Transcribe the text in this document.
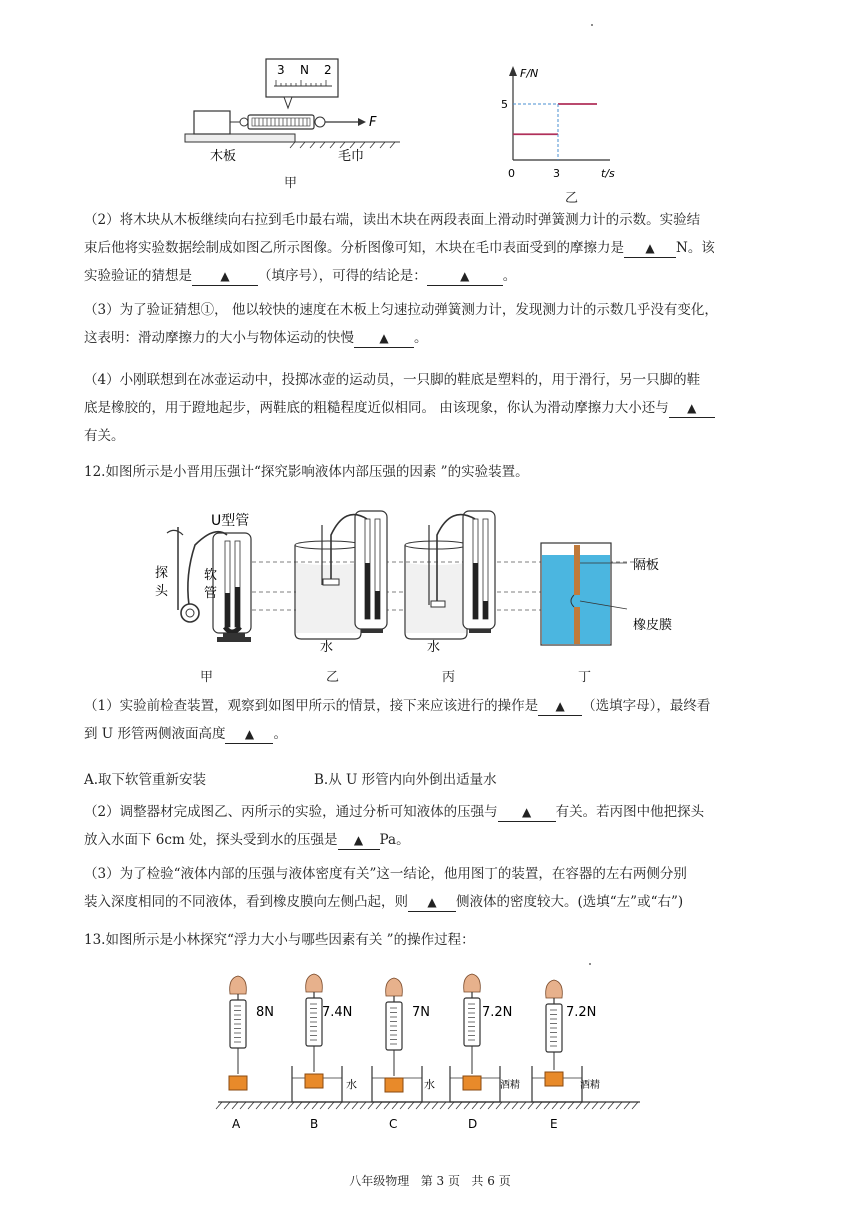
3 N 2
F
木板	毛巾
甲
F/N
t/s
5
3
0
乙
（2）将木块从木板继续向右拉到毛巾最右端，读出木块在两段表面上滑动时弹簧测力计的示数。实验结
束后他将实验数据绘制成如图乙所示图像。分析图像可知，木块在毛巾表面受到的摩擦力是 ▲ N。该
实验验证的猜想是 ▲ （填序号），可得的结论是：	▲ 。
（3）为了验证猜想①， 他以较快的速度在木板上匀速拉动弹簧测力计，发现测力计的示数几乎没有变化，
这表明：滑动摩擦力的大小与物体运动的快慢 ▲ 。
（4）小刚联想到在冰壶运动中，投掷冰壶的运动员，一只脚的鞋底是塑料的，用于滑行，另一只脚的鞋
底是橡胶的，用于蹬地起步，两鞋底的粗糙程度近似相同。 由该现象，你认为滑动摩擦力大小还与 ▲
有关。
12.如图所示是小晋用压强计“探究影响液体内部压强的因素 ”的实验装置。
U型管
探
头
软
管
水	水
隔板
橡皮膜
甲	乙	丙	丁
（1）实验前检查装置，观察到如图甲所示的情景，接下来应该进行的操作是 ▲ （选填字母），最终看
到 U 形管两侧液面高度 ▲ 。
A.取下软管重新安装	B.从 U 形管内向外倒出适量水
（2）调整器材完成图乙、丙所示的实验，通过分析可知液体的压强与 ▲ 有关。若丙图中他把探头
放入水面下 6cm 处，探头受到水的压强是 ▲ Pa。
（3）为了检验“液体内部的压强与液体密度有关”这一结论，他用图丁的装置，在容器的左右两侧分别
装入深度相同的不同液体，看到橡皮膜向左侧凸起，则 ▲ 侧液体的密度较大。(选填“左”或“右”)
13.如图所示是小林探究“浮力大小与哪些因素有关 ”的操作过程：
A	B	C	D	E
8N	7.4N	7N	7.2N	7.2N
水	水	酒精	酒精
八年级物理   第 3 页   共 6 页
